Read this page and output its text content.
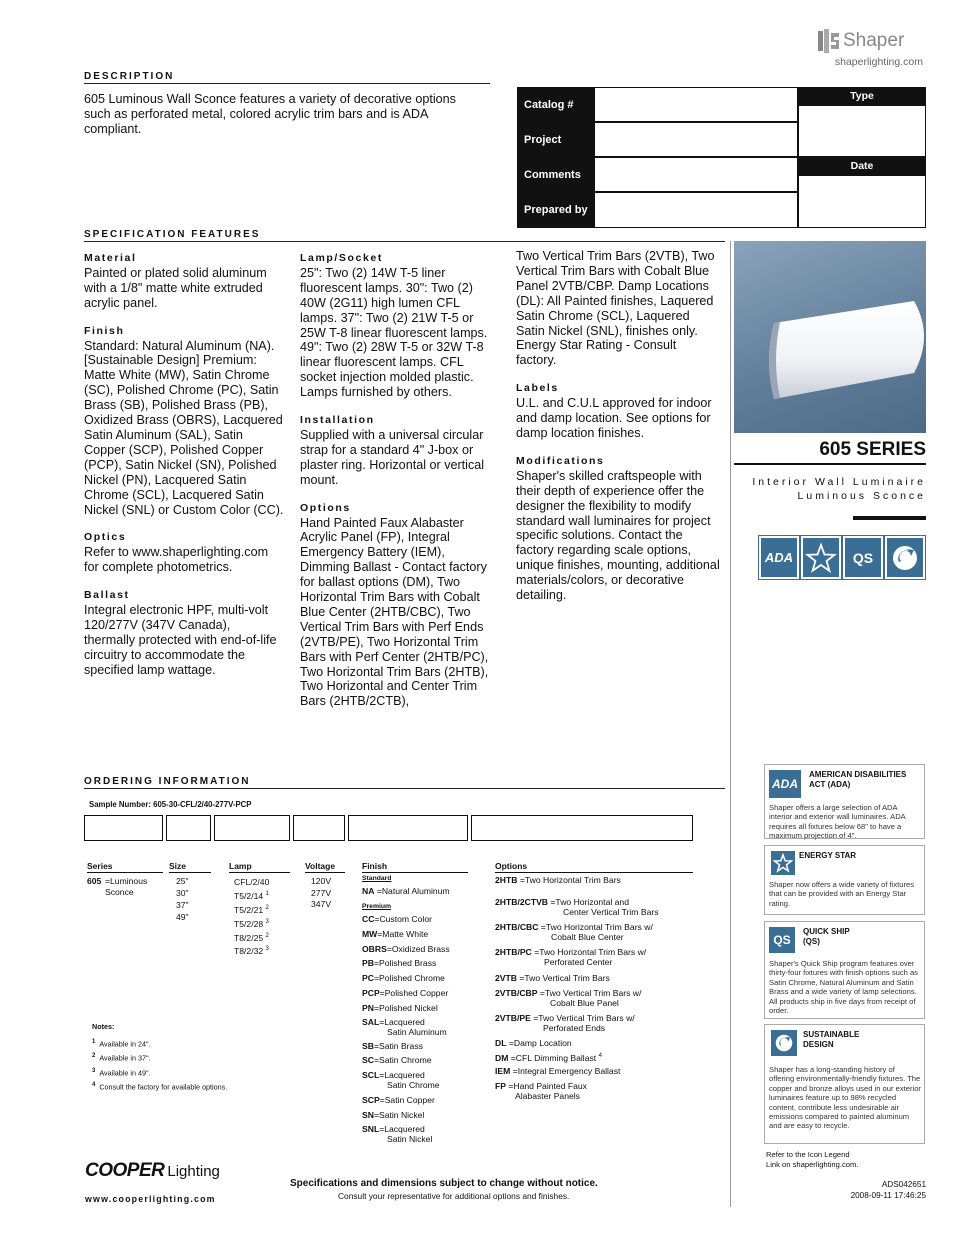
Shaper
shaperlighting.com
DESCRIPTION
605 Luminous Wall Sconce features a variety of decorative options such as perforated metal, colored acrylic trim bars and is ADA compliant.
Catalog #
Project
Comments
Prepared by
Type
Date
SPECIFICATION FEATURES
Material
Painted or plated solid aluminum with a 1/8" matte white extruded acrylic panel.
Finish
Standard: Natural Aluminum (NA). [Sustainable Design] Premium: Matte White (MW), Satin Chrome (SC), Polished Chrome (PC), Satin Brass (SB), Polished Brass (PB), Oxidized Brass (OBRS), Lacquered Satin Aluminum (SAL), Satin Copper (SCP), Polished Copper (PCP), Satin Nickel (SN), Polished Nickel (PN), Lacquered Satin Chrome (SCL), Lacquered Satin Nickel (SNL) or Custom Color (CC).
Optics
Refer to www.shaperlighting.com for complete photometrics.
Ballast
Integral electronic HPF, multi-volt 120/277V (347V Canada), thermally protected with end-of-life circuitry to accommodate the specified lamp wattage.
Lamp/Socket
25": Two (2) 14W T-5 liner fluorescent lamps. 30": Two (2) 40W (2G11) high lumen CFL lamps. 37": Two (2) 21W T-5 or 25W T-8 linear fluorescent lamps. 49": Two (2) 28W T-5 or 32W T-8 linear fluorescent lamps. CFL socket injection molded plastic. Lamps furnished by others.
Installation
Supplied with a universal circular strap for a standard 4" J-box or plaster ring. Horizontal or vertical mount.
Options
Hand Painted Faux Alabaster Acrylic Panel (FP), Integral Emergency Battery (IEM), Dimming Ballast - Contact factory for ballast options (DM), Two Horizontal Trim Bars with Cobalt Blue Center (2HTB/CBC), Two Vertical Trim Bars with Perf Ends (2VTB/PE), Two Horizontal Trim Bars with Perf Center (2HTB/PC), Two Horizontal Trim Bars (2HTB), Two Horizontal and Center Trim Bars (2HTB/2CTB),
Two Vertical Trim Bars (2VTB), Two Vertical Trim Bars with Cobalt Blue Panel 2VTB/CBP. Damp Locations (DL): All Painted finishes, Laquered Satin Chrome (SCL), Laquered Satin Nickel (SNL), finishes only. Energy Star Rating - Consult factory.
Labels
U.L. and C.U.L approved for indoor and damp location. See options for damp location finishes.
Modifications
Shaper's skilled craftspeople with their depth of experience offer the designer the flexibility to modify standard wall luminaires for project specific solutions. Contact the factory regarding scale options, unique finishes, mounting, additional materials/colors, or decorative detailing.
605 SERIES
Interior Wall Luminaire
Luminous Sconce
ADA	QS
ADA
AMERICAN DISABILITIES ACT (ADA)
Shaper offers a large selection of ADA interior and exterior wall luminaires. ADA requires all fixtures below 68" to have a maximum projection of 4".
ENERGY STAR
Shaper now offers a wide variety of fixtures that can be provided with an Energy Star rating.
QS
QUICK SHIP (QS)
Shaper's Quick Ship program features over thirty-four fixtures with finish options such as Satin Chrome, Natural Aluminum and Satin Brass and a wide variety of lamp selections. All products ship in five days from receipt of order.
SUSTAINABLE DESIGN
Shaper has a long-standing history of offering environmentally-friendly fixtures. The copper and bronze alloys used in our exterior luminaires feature up to 98% recycled content, contribute less undesirable air emissions compared to painted aluminum and are easy to recycle.
Refer to the Icon Legend
Link on shaperlighting.com.
ORDERING INFORMATION
Sample Number: 605-30-CFL/2/40-277V-PCP
Series
605 =Luminous Sconce
Size
25"
30"
37"
49"
Lamp
CFL/2/40
T5/2/14 $^1$
T5/2/21 $^2$
T5/2/28 $^3$
T8/2/25 $^2$
T8/2/32 $^3$
Voltage
120V
277V
347V
Finish
Standard
NA =Natural Aluminum
Premium
CC=Custom Color
MW=Matte White
OBRS=Oxidized Brass
PB=Polished Brass
PC=Polished Chrome
PCP=Polished Copper
PN=Polished Nickel
SAL=Lacquered
Satin Aluminum
SB=Satin Brass
SC=Satin Chrome
SCL=Lacquered
Satin Chrome
SCP=Satin Copper
SN=Satin Nickel
SNL=Lacquered
Satin Nickel
Options
2HTB =Two Horizontal Trim Bars
2HTB/2CTVB =Two Horizontal and
Center Vertical Trim Bars
2HTB/CBC =Two Horizontal Trim Bars w/
Cobalt Blue Center
2HTB/PC =Two Horizontal Trim Bars w/
Perforated Center
2VTB =Two Vertical Trim Bars
2VTB/CBP =Two Vertical Trim Bars w/
Cobalt Blue Panel
2VTB/PE =Two Vertical Trim Bars w/
Perforated Ends
DL =Damp Location
DM =CFL Dimming Ballast $^4$
IEM =Integral Emergency Ballast
FP =Hand Painted Faux
Alabaster Panels
Notes:
$^1$ Available in 24".
$^2$ Available in 37".
$^3$ Available in 49".
$^4$ Consult the factory for available options.
COOPER Lighting
www.cooperlighting.com
Specifications and dimensions subject to change without notice.
Consult your representative for additional options and finishes.
ADS042651
2008-09-11 17:46:25
